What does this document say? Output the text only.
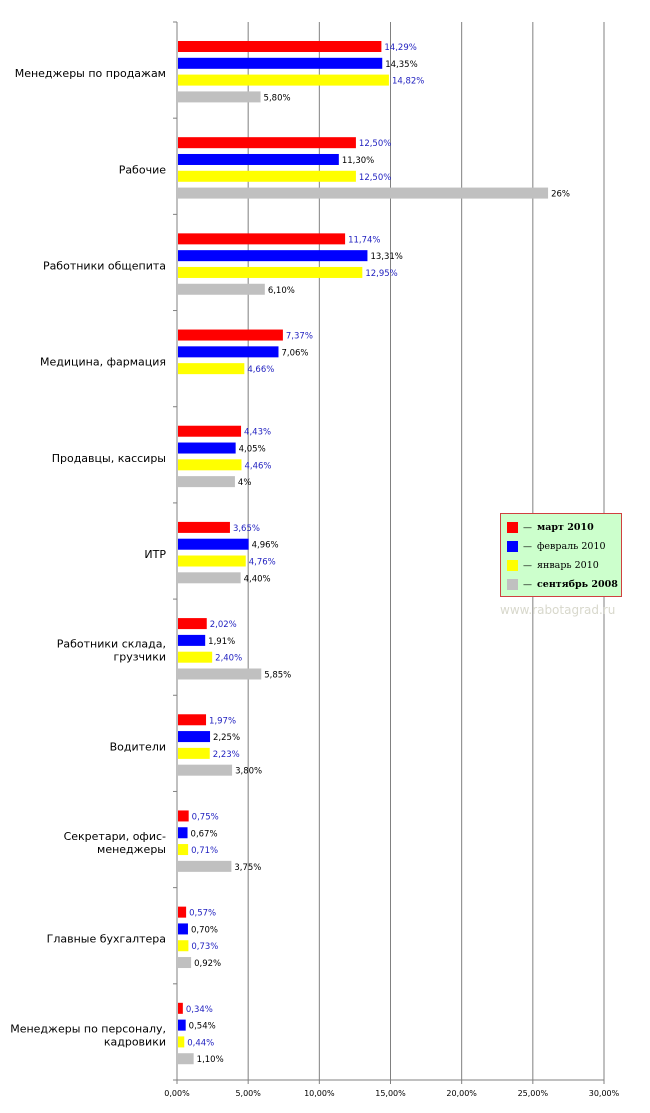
14,29%
12,50%
11,74%
7,37%
4,43%
3,65%
2,02%
1,97%
0,75%
0,57%
0,34%
14,35%
11,30%
13,31%
7,06%
4,05%
4,96%
1,91%
2,25%
0,67%
0,70%
0,54%
14,82%
12,50%
12,95%
4,66%
4,46%
4,76%
2,40%
2,23%
0,71%
0,73%
0,44%
5,80%
26%
6,10%
4%
4,40%
5,85%
3,80%
3,75%
0,92%
1,10%
Менеджеры по продажам
Рабочие
Работники общепита
Медицина, фармация
Продавцы, кассиры
ИТР
Работники склада,
грузчики
Водители
Секретари, офис-
менеджеры
Главные бухгалтера
Менеджеры по персоналу,
кадровики
0,00%	5,00%	10,00%	15,00%	20,00%	25,00%	30,00%
— март 2010
— февраль 2010
— январь 2010
— сентябрь 2008
www.rabotagrad.ru
